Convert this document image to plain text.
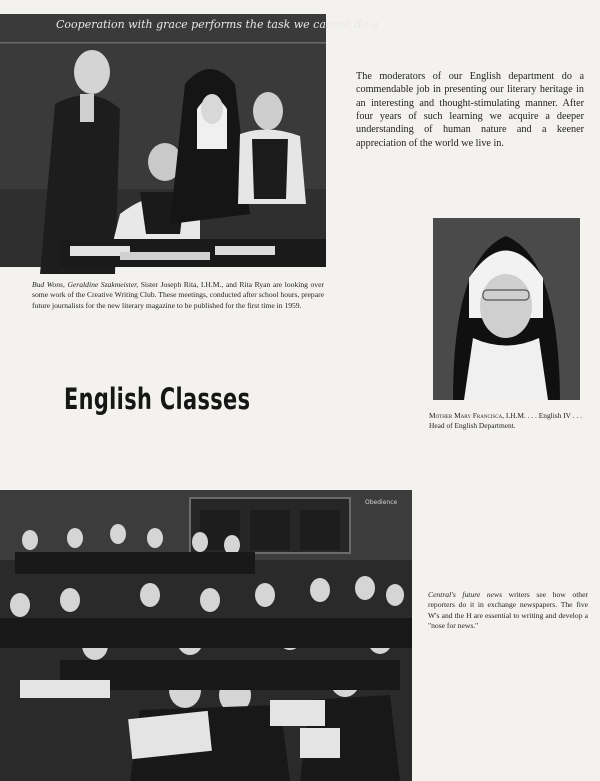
Cooperation with grace performs the task we cannot do a
Bud Wons, Geraldine Szakmeister, Sister Joseph Rita, I.H.M., and Rita Ryan are looking over some work of the Creative Writing Club. These meetings, conducted after school hours, prepare future journalists for the new literary magazine to be published for the first time in 1959.

The moderators of our English department do a commendable job in presenting our literary heritage in an interesting and thought-stimulating manner. After four years of such learning we acquire a deeper understanding of human nature and a keener appreciation of the world we live in.

Mother Mary Francisca, I.H.M. . . . English IV . . . Head of English Department.
English Classes
Obedience
Central's future news writers see how other reporters do it in exchange newspapers. The five W's and the H are essential to writing and develop a "nose for news."
